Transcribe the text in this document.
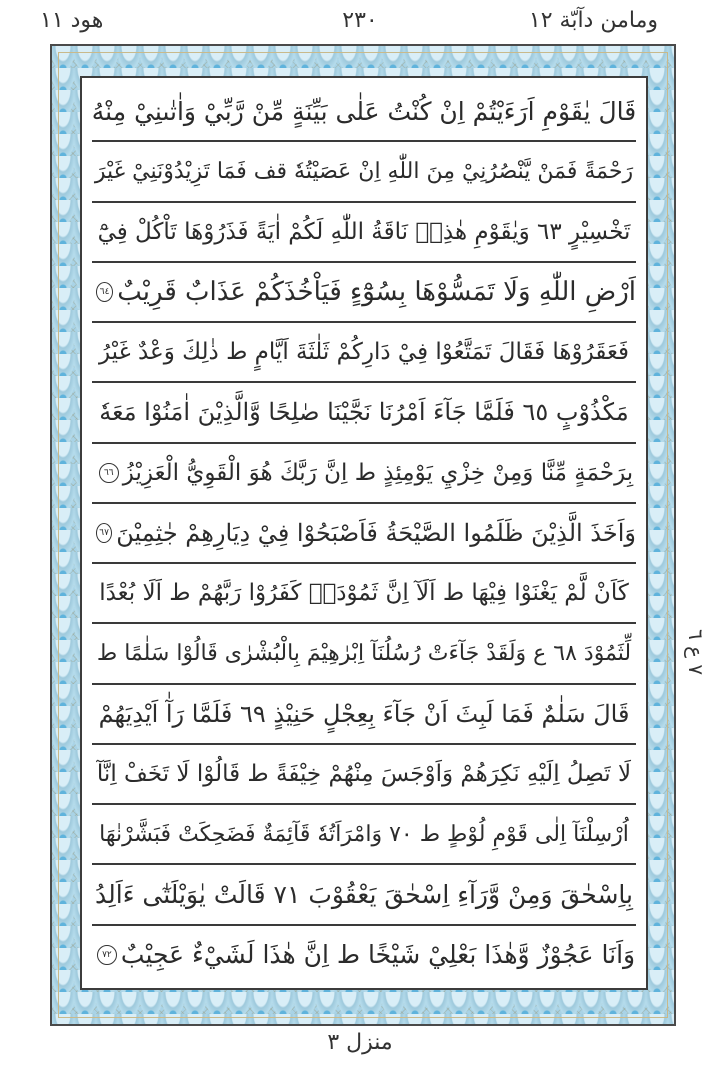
ومامن دآبّة ١٢
٢٣٠
هود ١١
قَالَ يٰقَوْمِ اَرَءَيْتُمْ اِنْ كُنْتُ عَلٰى بَيِّنَةٍ مِّنْ رَّبِّيْ وَاٰتٰىنِيْ مِنْهُ
رَحْمَةً فَمَنْ يَّنْصُرُنِيْ مِنَ اللّٰهِ اِنْ عَصَيْتُهٗ قف فَمَا تَزِيْدُوْنَنِيْ غَيْرَ
تَخْسِيْرٍ ٦٣ وَيٰقَوْمِ هٰذِهٖ نَاقَةُ اللّٰهِ لَكُمْ اٰيَةً فَذَرُوْهَا تَاْكُلْ فِيْٓ
اَرْضِ اللّٰهِ وَلَا تَمَسُّوْهَا بِسُوْٓءٍ فَيَاْخُذَكُمْ عَذَابٌ قَرِيْبٌ
٦٤
فَعَقَرُوْهَا فَقَالَ تَمَتَّعُوْا فِيْ دَارِكُمْ ثَلٰثَةَ اَيَّامٍ ط ذٰلِكَ وَعْدٌ غَيْرُ
مَكْذُوْبٍ ٦٥ فَلَمَّا جَآءَ اَمْرُنَا نَجَّيْنَا صٰلِحًا وَّالَّذِيْنَ اٰمَنُوْا مَعَهٗ
بِرَحْمَةٍ مِّنَّا وَمِنْ خِزْيِ يَوْمِئِذٍ ط اِنَّ رَبَّكَ هُوَ الْقَوِيُّ الْعَزِيْزُ
٦٦
وَاَخَذَ الَّذِيْنَ ظَلَمُوا الصَّيْحَةُ فَاَصْبَحُوْا فِيْ دِيَارِهِمْ جٰثِمِيْنَ
٦٧
كَاَنْ لَّمْ يَغْنَوْا فِيْهَا ط اَلَآ اِنَّ ثَمُوْدَاۡ كَفَرُوْا رَبَّهُمْ ط اَلَا بُعْدًا
لِّثَمُوْدَ ٦٨ ع وَلَقَدْ جَآءَتْ رُسُلُنَآ اِبْرٰهِيْمَ بِالْبُشْرٰى قَالُوْا سَلٰمًا ط
قَالَ سَلٰمٌ فَمَا لَبِثَ اَنْ جَآءَ بِعِجْلٍ حَنِيْذٍ ٦٩ فَلَمَّا رَآٰ اَيْدِيَهُمْ
لَا تَصِلُ اِلَيْهِ نَكِرَهُمْ وَاَوْجَسَ مِنْهُمْ خِيْفَةً ط قَالُوْا لَا تَخَفْ اِنَّآ
اُرْسِلْنَآ اِلٰى قَوْمِ لُوْطٍ ط ٧٠ وَامْرَاَتُهٗ قَآئِمَةٌ فَضَحِكَتْ فَبَشَّرْنٰهَا
بِاِسْحٰقَ وَمِنْ وَّرَآءِ اِسْحٰقَ يَعْقُوْبَ ٧١ قَالَتْ يٰوَيْلَتٰٓى ءَاَلِدُ
وَاَنَا عَجُوْزٌ وَّهٰذَا بَعْلِيْ شَيْخًا ط اِنَّ هٰذَا لَشَيْءٌ عَجِيْبٌ
٧٢
٧ ع ٦
منزل ٣
